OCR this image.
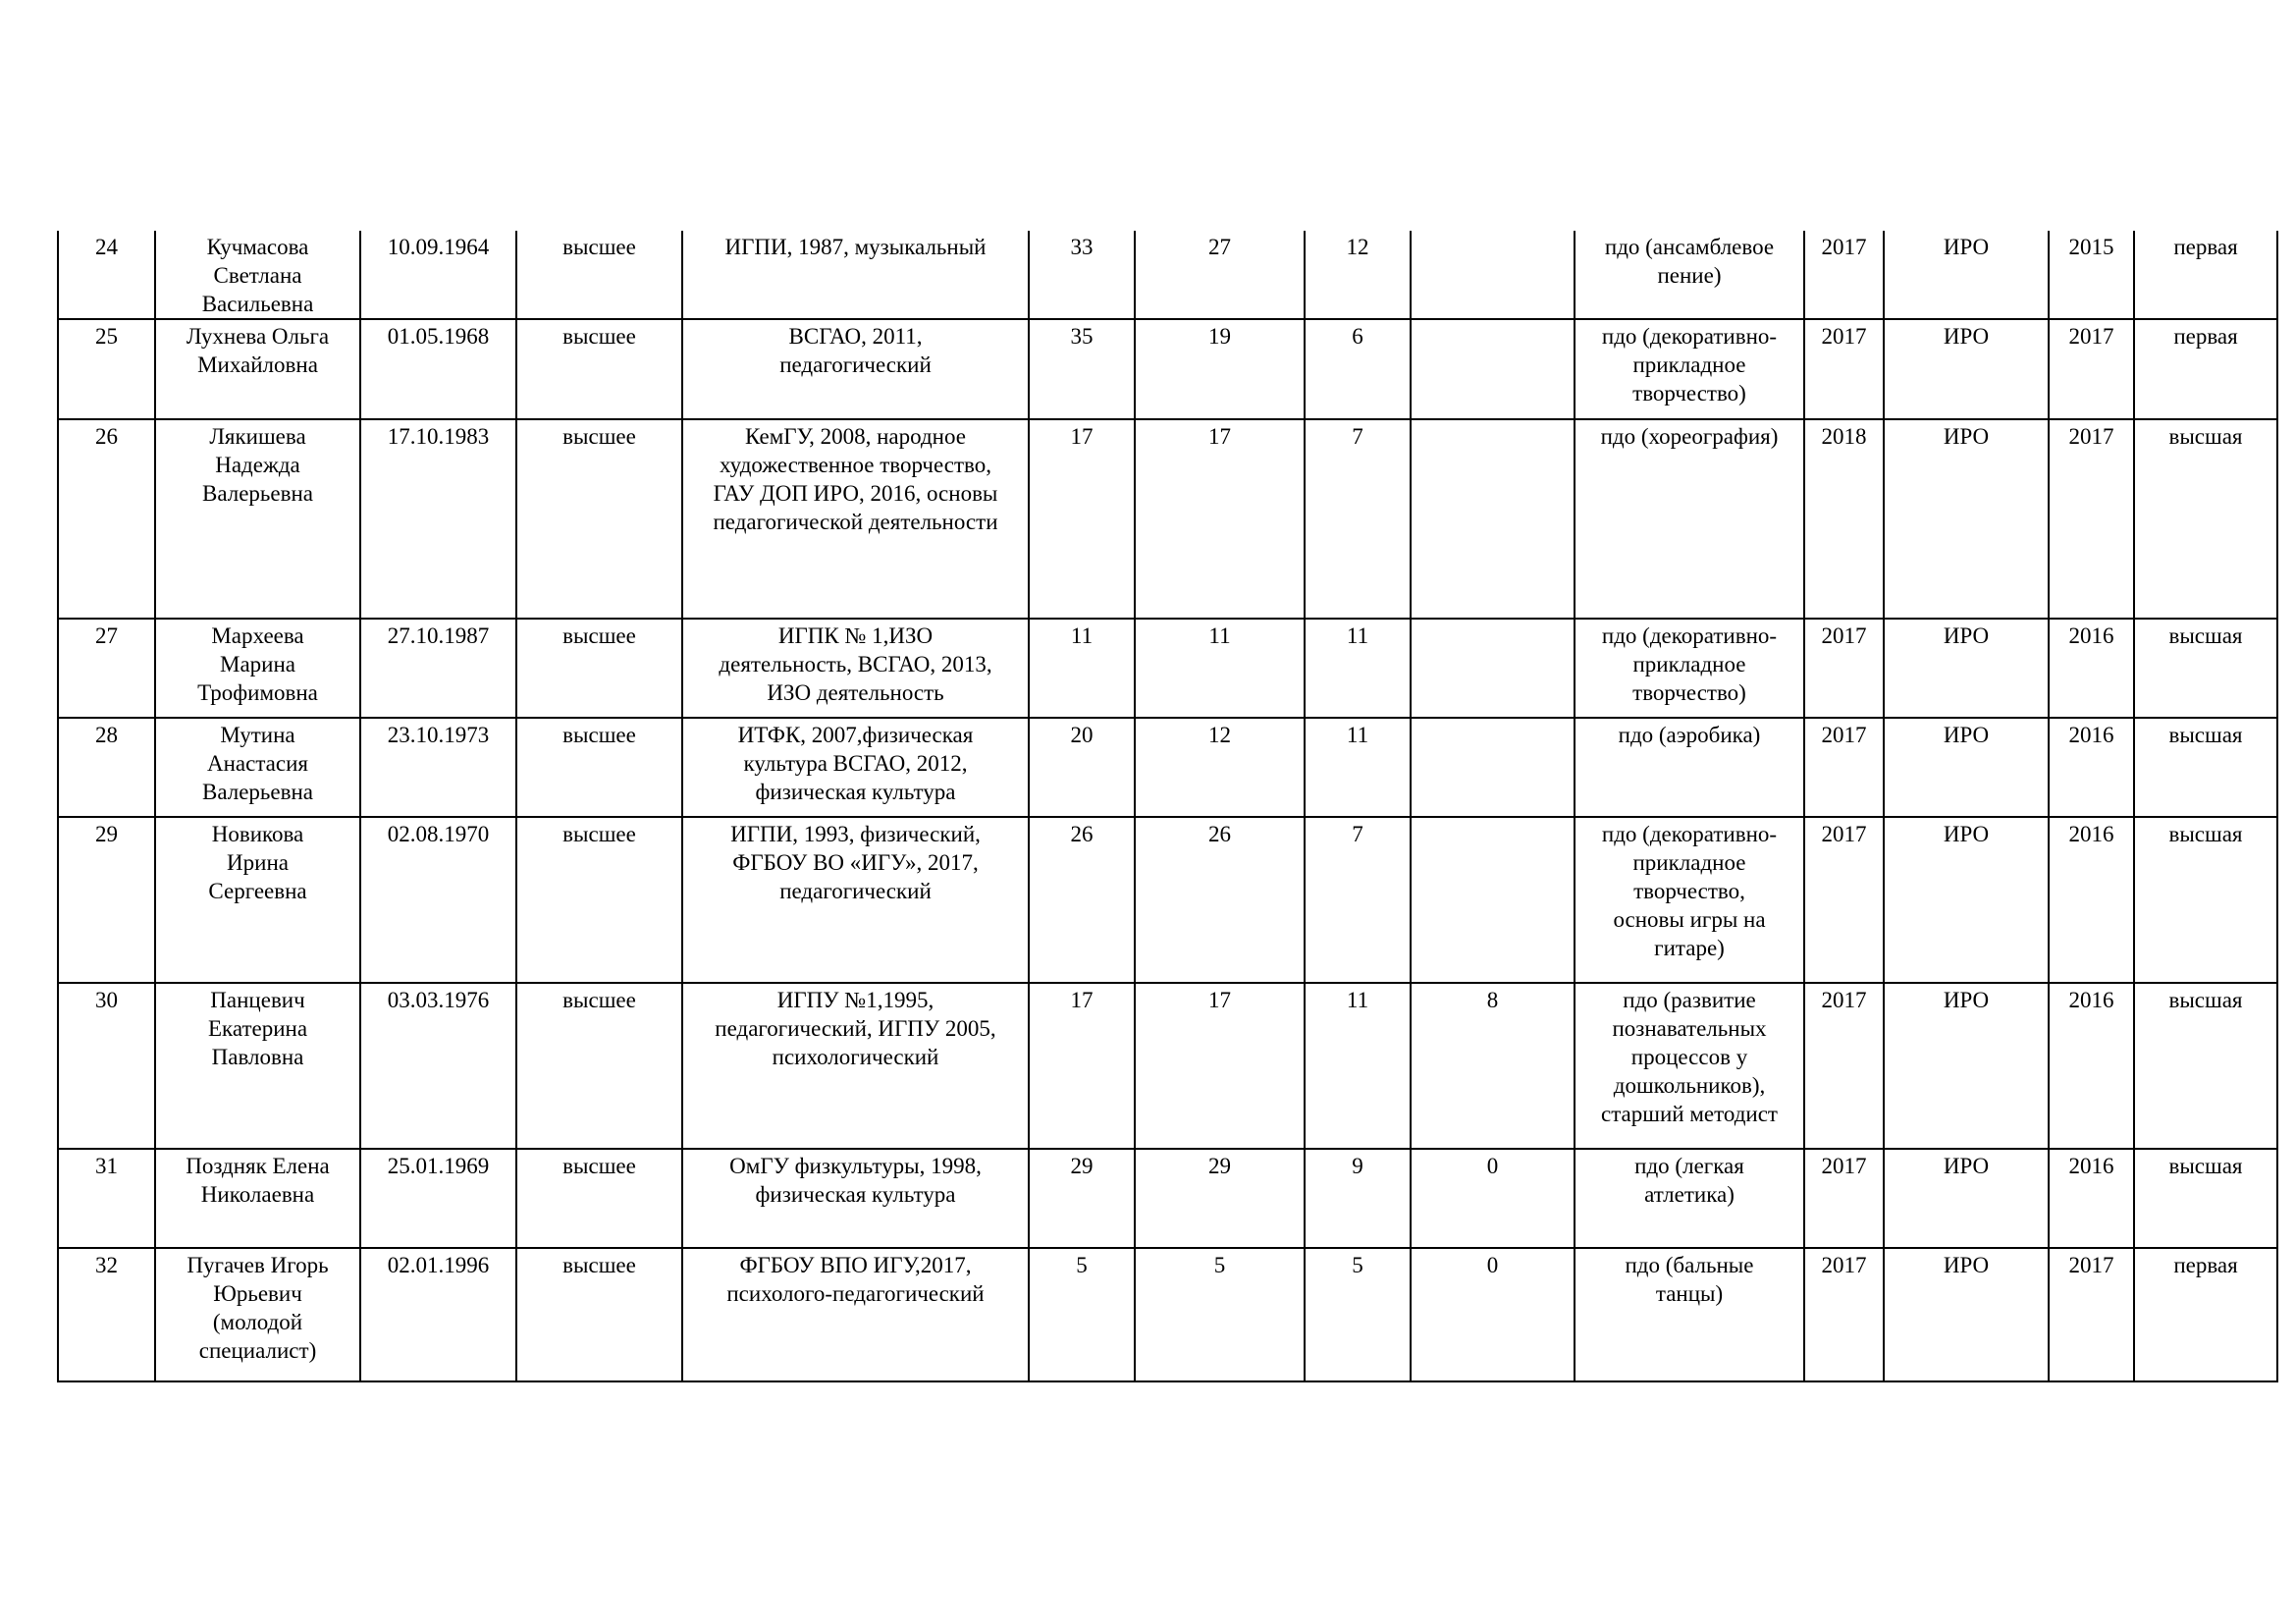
24	Кучмасова
Светлана
Васильевна	10.09.1964	высшее	ИГПИ, 1987, музыкальный	33	27	12		пдо (ансамблевое
пение)	2017	ИРО	2015	первая
25	Лухнева Ольга
Михайловна	01.05.1968	высшее	ВСГАО, 2011,
педагогический	35	19	6		пдо (декоративно-
прикладное
творчество)	2017	ИРО	2017	первая
26	Лякишева
Надежда
Валерьевна	17.10.1983	высшее	КемГУ, 2008, народное
художественное творчество,
ГАУ ДОП ИРО, 2016, основы
педагогической деятельности	17	17	7		пдо (хореография)	2018	ИРО	2017	высшая
27	Мархеева
Марина
Трофимовна	27.10.1987	высшее	ИГПК № 1,ИЗО
деятельность, ВСГАО, 2013,
ИЗО деятельность	11	11	11		пдо (декоративно-
прикладное
творчество)	2017	ИРО	2016	высшая
28	Мутина
Анастасия
Валерьевна	23.10.1973	высшее	ИТФК, 2007,физическая
культура ВСГАО, 2012,
физическая культура	20	12	11		пдо (аэробика)	2017	ИРО	2016	высшая
29	Новикова
Ирина
Сергеевна	02.08.1970	высшее	ИГПИ, 1993, физический,
ФГБОУ ВО «ИГУ», 2017,
педагогический	26	26	7		пдо (декоративно-
прикладное
творчество,
основы игры на
гитаре)	2017	ИРО	2016	высшая
30	Панцевич
Екатерина
Павловна	03.03.1976	высшее	ИГПУ №1,1995,
педагогический, ИГПУ 2005,
психологический	17	17	11	8	пдо (развитие
познавательных
процессов у
дошкольников),
старший методист	2017	ИРО	2016	высшая
31	Поздняк Елена
Николаевна	25.01.1969	высшее	ОмГУ физкультуры, 1998,
физическая культура	29	29	9	0	пдо (легкая
атлетика)	2017	ИРО	2016	высшая
32	Пугачев Игорь
Юрьевич
(молодой
специалист)	02.01.1996	высшее	ФГБОУ ВПО ИГУ,2017,
психолого-педагогический	5	5	5	0	пдо (бальные
танцы)	2017	ИРО	2017	первая
